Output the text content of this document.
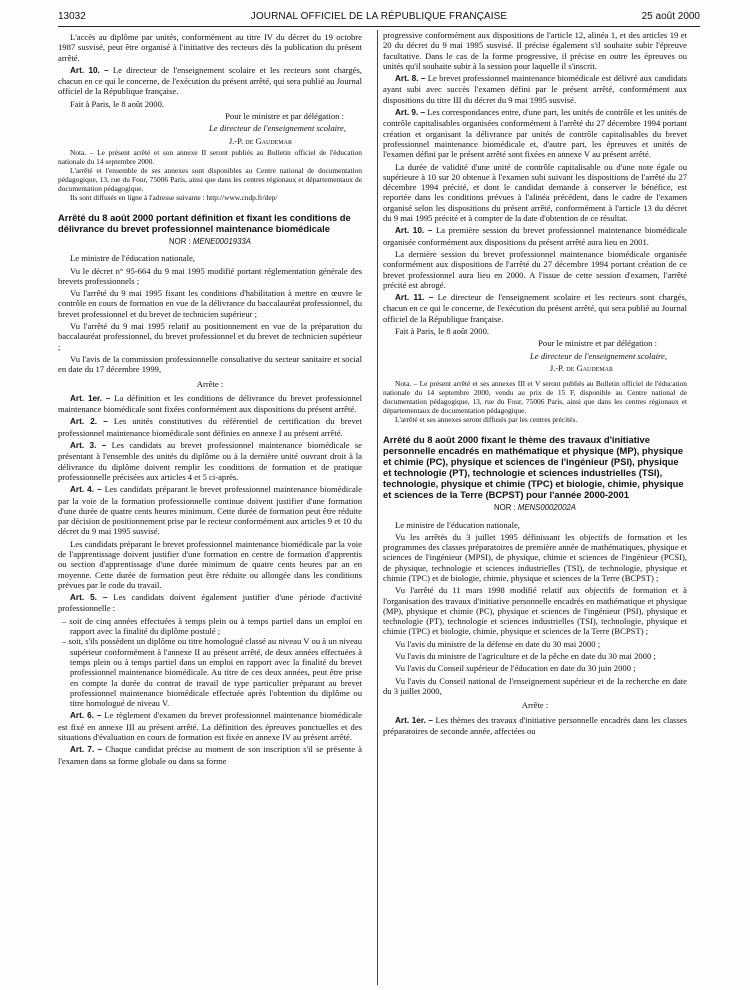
13032	JOURNAL OFFICIEL DE LA RÉPUBLIQUE FRANÇAISE	25 août 2000

L'accès au diplôme par unités, conformément au titre IV du décret du 19 octobre 1987 susvisé, peut être organisé à l'initiative des recteurs dès la publication du présent arrêté.

Art. 10. – Le directeur de l'enseignement scolaire et les recteurs sont chargés, chacun en ce qui le concerne, de l'exécution du présent arrêté, qui sera publié au Journal officiel de la République française.

Fait à Paris, le 8 août 2000.

Pour le ministre et par délégation :

Le directeur de l'enseignement scolaire,

J.-P. de Gaudemar

Nota. – Le présent arrêté et son annexe II seront publiés au Bulletin officiel de l'éducation nationale du 14 septembre 2000.

L'arrêté et l'ensemble de ses annexes sont disponibles au Centre national de documentation pédagogique, 13, rue du Four, 75006 Paris, ainsi que dans les centres régionaux et départementaux de documentation pédagogique.

Ils sont diffusés en ligne à l'adresse suivante : http://www.cndp.fr/dep/

Arrêté du 8 août 2000 portant définition et fixant les conditions de délivrance du brevet professionnel maintenance biomédicale

NOR : MENE0001933A

Le ministre de l'éducation nationale,

Vu le décret n° 95-664 du 9 mai 1995 modifié portant réglementation générale des brevets professionnels ;

Vu l'arrêté du 9 mai 1995 fixant les conditions d'habilitation à mettre en œuvre le contrôle en cours de formation en vue de la délivrance du baccalauréat professionnel, du brevet professionnel et du brevet de technicien supérieur ;

Vu l'arrêté du 9 mai 1995 relatif au positionnement en vue de la préparation du baccalauréat professionnel, du brevet professionnel et du brevet de technicien supérieur ;

Vu l'avis de la commission professionnelle consultative du secteur sanitaire et social en date du 17 décembre 1999,

Arrête :

Art. 1er. – La définition et les conditions de délivrance du brevet professionnel maintenance biomédicale sont fixées conformément aux dispositions du présent arrêté.

Art. 2. – Les unités constitutives du référentiel de certification du brevet professionnel maintenance biomédicale sont définies en annexe I au présent arrêté.

Art. 3. – Les candidats au brevet professionnel maintenance biomédicale se présentant à l'ensemble des unités du diplôme ou à la dernière unité ouvrant droit à la délivrance du diplôme doivent remplir les conditions de formation et de pratique professionnelle précisées aux articles 4 et 5 ci-après.

Art. 4. – Les candidats préparant le brevet professionnel maintenance biomédicale par la voie de la formation professionnelle continue doivent justifier d'une formation d'une durée de quatre cents heures minimum. Cette durée de formation peut être réduite par décision de positionnement prise par le recteur conformément aux articles 9 et 10 du décret du 9 mai 1995 susvisé.

Les candidats préparant le brevet professionnel maintenance biomédicale par la voie de l'apprentissage doivent justifier d'une formation en centre de formation d'apprentis ou section d'apprentissage d'une durée minimum de quatre cents heures par an en moyenne. Cette durée de formation peut être réduite ou allongée dans les conditions prévues par le code du travail.

Art. 5. – Les candidats doivent également justifier d'une période d'activité professionnelle :

– soit de cinq années effectuées à temps plein ou à temps partiel dans un emploi en rapport avec la finalité du diplôme postulé ;
– soit, s'ils possèdent un diplôme ou titre homologué classé au niveau V ou à un niveau supérieur conformément à l'annexe II au présent arrêté, de deux années effectuées à temps plein ou à temps partiel dans un emploi en rapport avec la finalité du brevet professionnel maintenance biomédicale. Au titre de ces deux années, peut être prise en compte la durée du contrat de travail de type particulier préparant au brevet professionnel maintenance biomédicale effectuée après l'obtention du diplôme ou titre homologué de niveau V.

Art. 6. – Le règlement d'examen du brevet professionnel maintenance biomédicale est fixé en annexe III au présent arrêté. La définition des épreuves ponctuelles et des situations d'évaluation en cours de formation est fixée en annexe IV au présent arrêté.

Art. 7. – Chaque candidat précise au moment de son inscription s'il se présente à l'examen dans sa forme globale ou dans sa forme

progressive conformément aux dispositions de l'article 12, alinéa 1, et des articles 19 et 20 du décret du 9 mai 1995 susvisé. Il précise également s'il souhaite subir l'épreuve facultative. Dans le cas de la forme progressive, il précise en outre les épreuves ou unités qu'il souhaite subir à la session pour laquelle il s'inscrit.

Art. 8. – Le brevet professionnel maintenance biomédicale est délivré aux candidats ayant subi avec succès l'examen défini par le présent arrêté, conformément aux dispositions du titre III du décret du 9 mai 1995 susvisé.

Art. 9. – Les correspondances entre, d'une part, les unités de contrôle et les unités de contrôle capitalisables organisées conformément à l'arrêté du 27 décembre 1994 portant création et organisant la délivrance par unités de contrôle capitalisables du brevet professionnel maintenance biomédicale et, d'autre part, les épreuves et unités de l'examen défini par le présent arrêté sont fixées en annexe V au présent arrêté.

La durée de validité d'une unité de contrôle capitalisable ou d'une note égale ou supérieure à 10 sur 20 obtenue à l'examen subi suivant les dispositions de l'arrêté du 27 décembre 1994 précité, et dont le candidat demande à conserver le bénéfice, est reportée dans les conditions prévues à l'alinéa précédent, dans le cadre de l'examen organisé selon les dispositions du présent arrêté, conformément à l'article 13 du décret du 9 mai 1995 précité et à compter de la date d'obtention de ce résultat.

Art. 10. – La première session du brevet professionnel maintenance biomédicale organisée conformément aux dispositions du présent arrêté aura lieu en 2001.

La dernière session du brevet professionnel maintenance biomédicale organisée conformément aux dispositions de l'arrêté du 27 décembre 1994 portant création de ce brevet professionnel aura lieu en 2000. A l'issue de cette session d'examen, l'arrêté précité est abrogé.

Art. 11. – Le directeur de l'enseignement scolaire et les recteurs sont chargés, chacun en ce qui le concerne, de l'exécution du présent arrêté, qui sera publié au Journal officiel de la République française.

Fait à Paris, le 8 août 2000.

Pour le ministre et par délégation :

Le directeur de l'enseignement scolaire,

J.-P. de Gaudemar

Nota. – Le présent arrêté et ses annexes III et V seront publiés au Bulletin officiel de l'éducation nationale du 14 septembre 2000, vendu au prix de 15 F, disponible au Centre national de documentation pédagogique, 13, rue du Four, 75006 Paris, ainsi que dans les centres régionaux et départementaux de documentation pédagogique.

L'arrêté et ses annexes seront diffusés par les centres précités.

Arrêté du 8 août 2000 fixant le thème des travaux d'initiative personnelle encadrés en mathématique et physique (MP), physique et chimie (PC), physique et sciences de l'ingénieur (PSI), physique et technologie (PT), technologie et sciences industrielles (TSI), technologie, physique et chimie (TPC) et biologie, chimie, physique et sciences de la Terre (BCPST) pour l'année 2000-2001

NOR : MENS0002002A

Le ministre de l'éducation nationale,

Vu les arrêtés du 3 juillet 1995 définissant les objectifs de formation et les programmes des classes préparatoires de première année de mathématiques, physique et sciences de l'ingénieur (MPSI), de physique, chimie et sciences de l'ingénieur (PCSI), de physique, technologie et sciences industrielles (TSI), de technologie, physique et chimie (TPC) et de biologie, chimie, physique et sciences de la Terre (BCPST) ;

Vu l'arrêté du 11 mars 1998 modifié relatif aux objectifs de formation et à l'organisation des travaux d'initiative personnelle encadrés en mathématique et physique (MP), physique et chimie (PC), physique et sciences de l'ingénieur (PSI), physique et technologie (PT), technologie et sciences industrielles (TSI), technologie, physique et chimie (TPC) et biologie, chimie, physique et sciences de la Terre (BCPST) ;

Vu l'avis du ministre de la défense en date du 30 mai 2000 ;

Vu l'avis du ministre de l'agriculture et de la pêche en date du 30 mai 2000 ;

Vu l'avis du Conseil supérieur de l'éducation en date du 30 juin 2000 ;

Vu l'avis du Conseil national de l'enseignement supérieur et de la recherche en date du 3 juillet 2000,

Arrête :

Art. 1er. – Les thèmes des travaux d'initiative personnelle encadrés dans les classes préparatoires de seconde année, affectées ou
